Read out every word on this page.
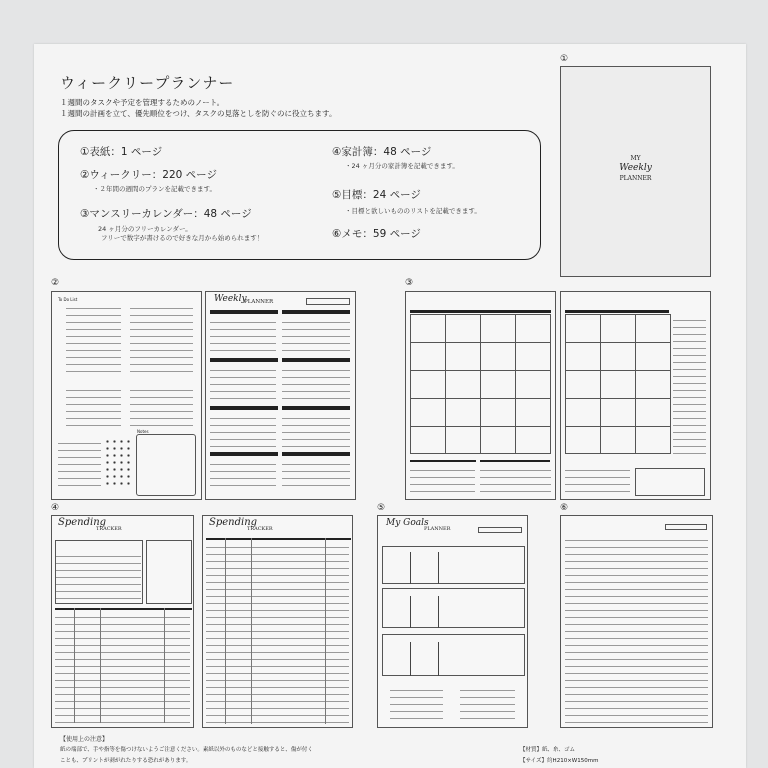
ウィークリープランナー
１週間のタスクや予定を管理するためのノート。
１週間の計画を立て、優先順位をつけ、タスクの見落としを防ぐのに役立ちます。
①表紙：1 ページ
②ウィークリー：220 ページ
・２年間の週間のプランを記載できます。
③マンスリーカレンダー：48 ページ
24 ヶ月分のフリーカレンダー。
フリーで数字が書けるので好きな月から始められます！
④家計簿：48 ページ
・24 ヶ月分の家計簿を記載できます。
⑤目標：24 ページ
・目標と欲しいもののリストを記載できます。
⑥メモ：59 ページ
①
MY
Weekly
PLANNER
②
To Do List
Notes
Weekly
PLANNER
③
④
Spending
TRACKER
Spending
TRACKER
⑤
My Goals
PLANNER
⑥
【使用上の注意】
紙の端部で、手や指等を傷つけないようご注意ください。素紙以外のものなどと接触すると、傷が付く
ことも、プリントが剥がれたりする恐れがあります。
【材質】紙、糸、ゴム
【サイズ】約H210×W150mm
